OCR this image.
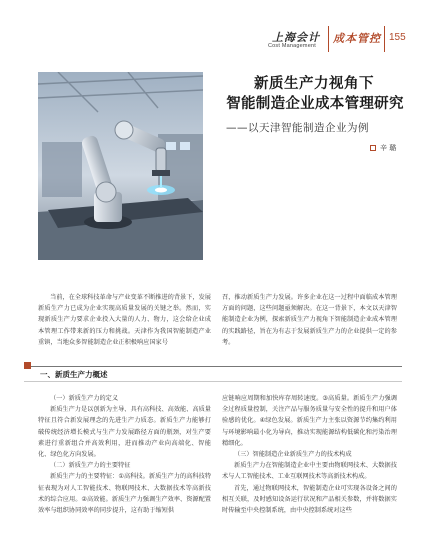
上海会计
Cost Management
成本管控 155
新质生产力视角下
智能制造企业成本管理研究
——以天津智能制造企业为例
辛 璐

当前，在全球科技革命与产业变革不断推进的背景下，发展新质生产力已成为企业实现高质量发展的关键之举。然而，实现新质生产力要求企业投入大量的人力、物力，这会给企业成本管理工作带来新的压力和挑战。天津作为我国智能制造产业重镇，当地众多智能制造企业正积极响应国家号

召，推动新质生产力发展。许多企业在这一过程中面临成本管理方面的问题，这些问题亟须解决。在这一背景下，本文以天津智能制造企业为例，探索新质生产力视角下智能制造企业成本管理的实践路径，旨在为有志于发展新质生产力的企业提供一定的参考。

一、新质生产力概述

（一）新质生产力的定义

新质生产力是以创新为主导、具有高科技、高效能、高质量特征且符合新发展理念的先进生产力质态。新质生产力能够打破传统经济增长模式与生产力发展路径方面的瓶颈，对生产要素进行重新组合并高效利用，进而推动产业向高端化、智能化、绿色化方向发展。

（二）新质生产力的主要特征

新质生产力的主要特征：①高科技。新质生产力的高科技特征表现为对人工智能技术、物联网技术、大数据技术等高新技术的综合应用。②高效能。新质生产力强调生产效率、资源配置效率与组织协同效率的同步提升，这有助于缩短供

应链响应周期和加快库存周转速度。③高质量。新质生产力强调全过程质量控制，关注产品与服务质量与安全性的提升和用户体验感的优化。④绿色发展。新质生产力主张以资源节约集约利用与环境影响最小化为导向，推动实现能源结构低碳化和污染治理精细化。

（三）智能制造企业新质生产力的技术构成

新质生产力在智能制造企业中主要由物联网技术、大数据技术与人工智能技术、工业互联网技术等高新技术构成。

首先，通过物联网技术，智能制造企业可实现各设备之间的相互关联，及时感知设备运行状况和产品相关参数，并将数据实时传输至中央控制系统，由中央控制系统对这些
